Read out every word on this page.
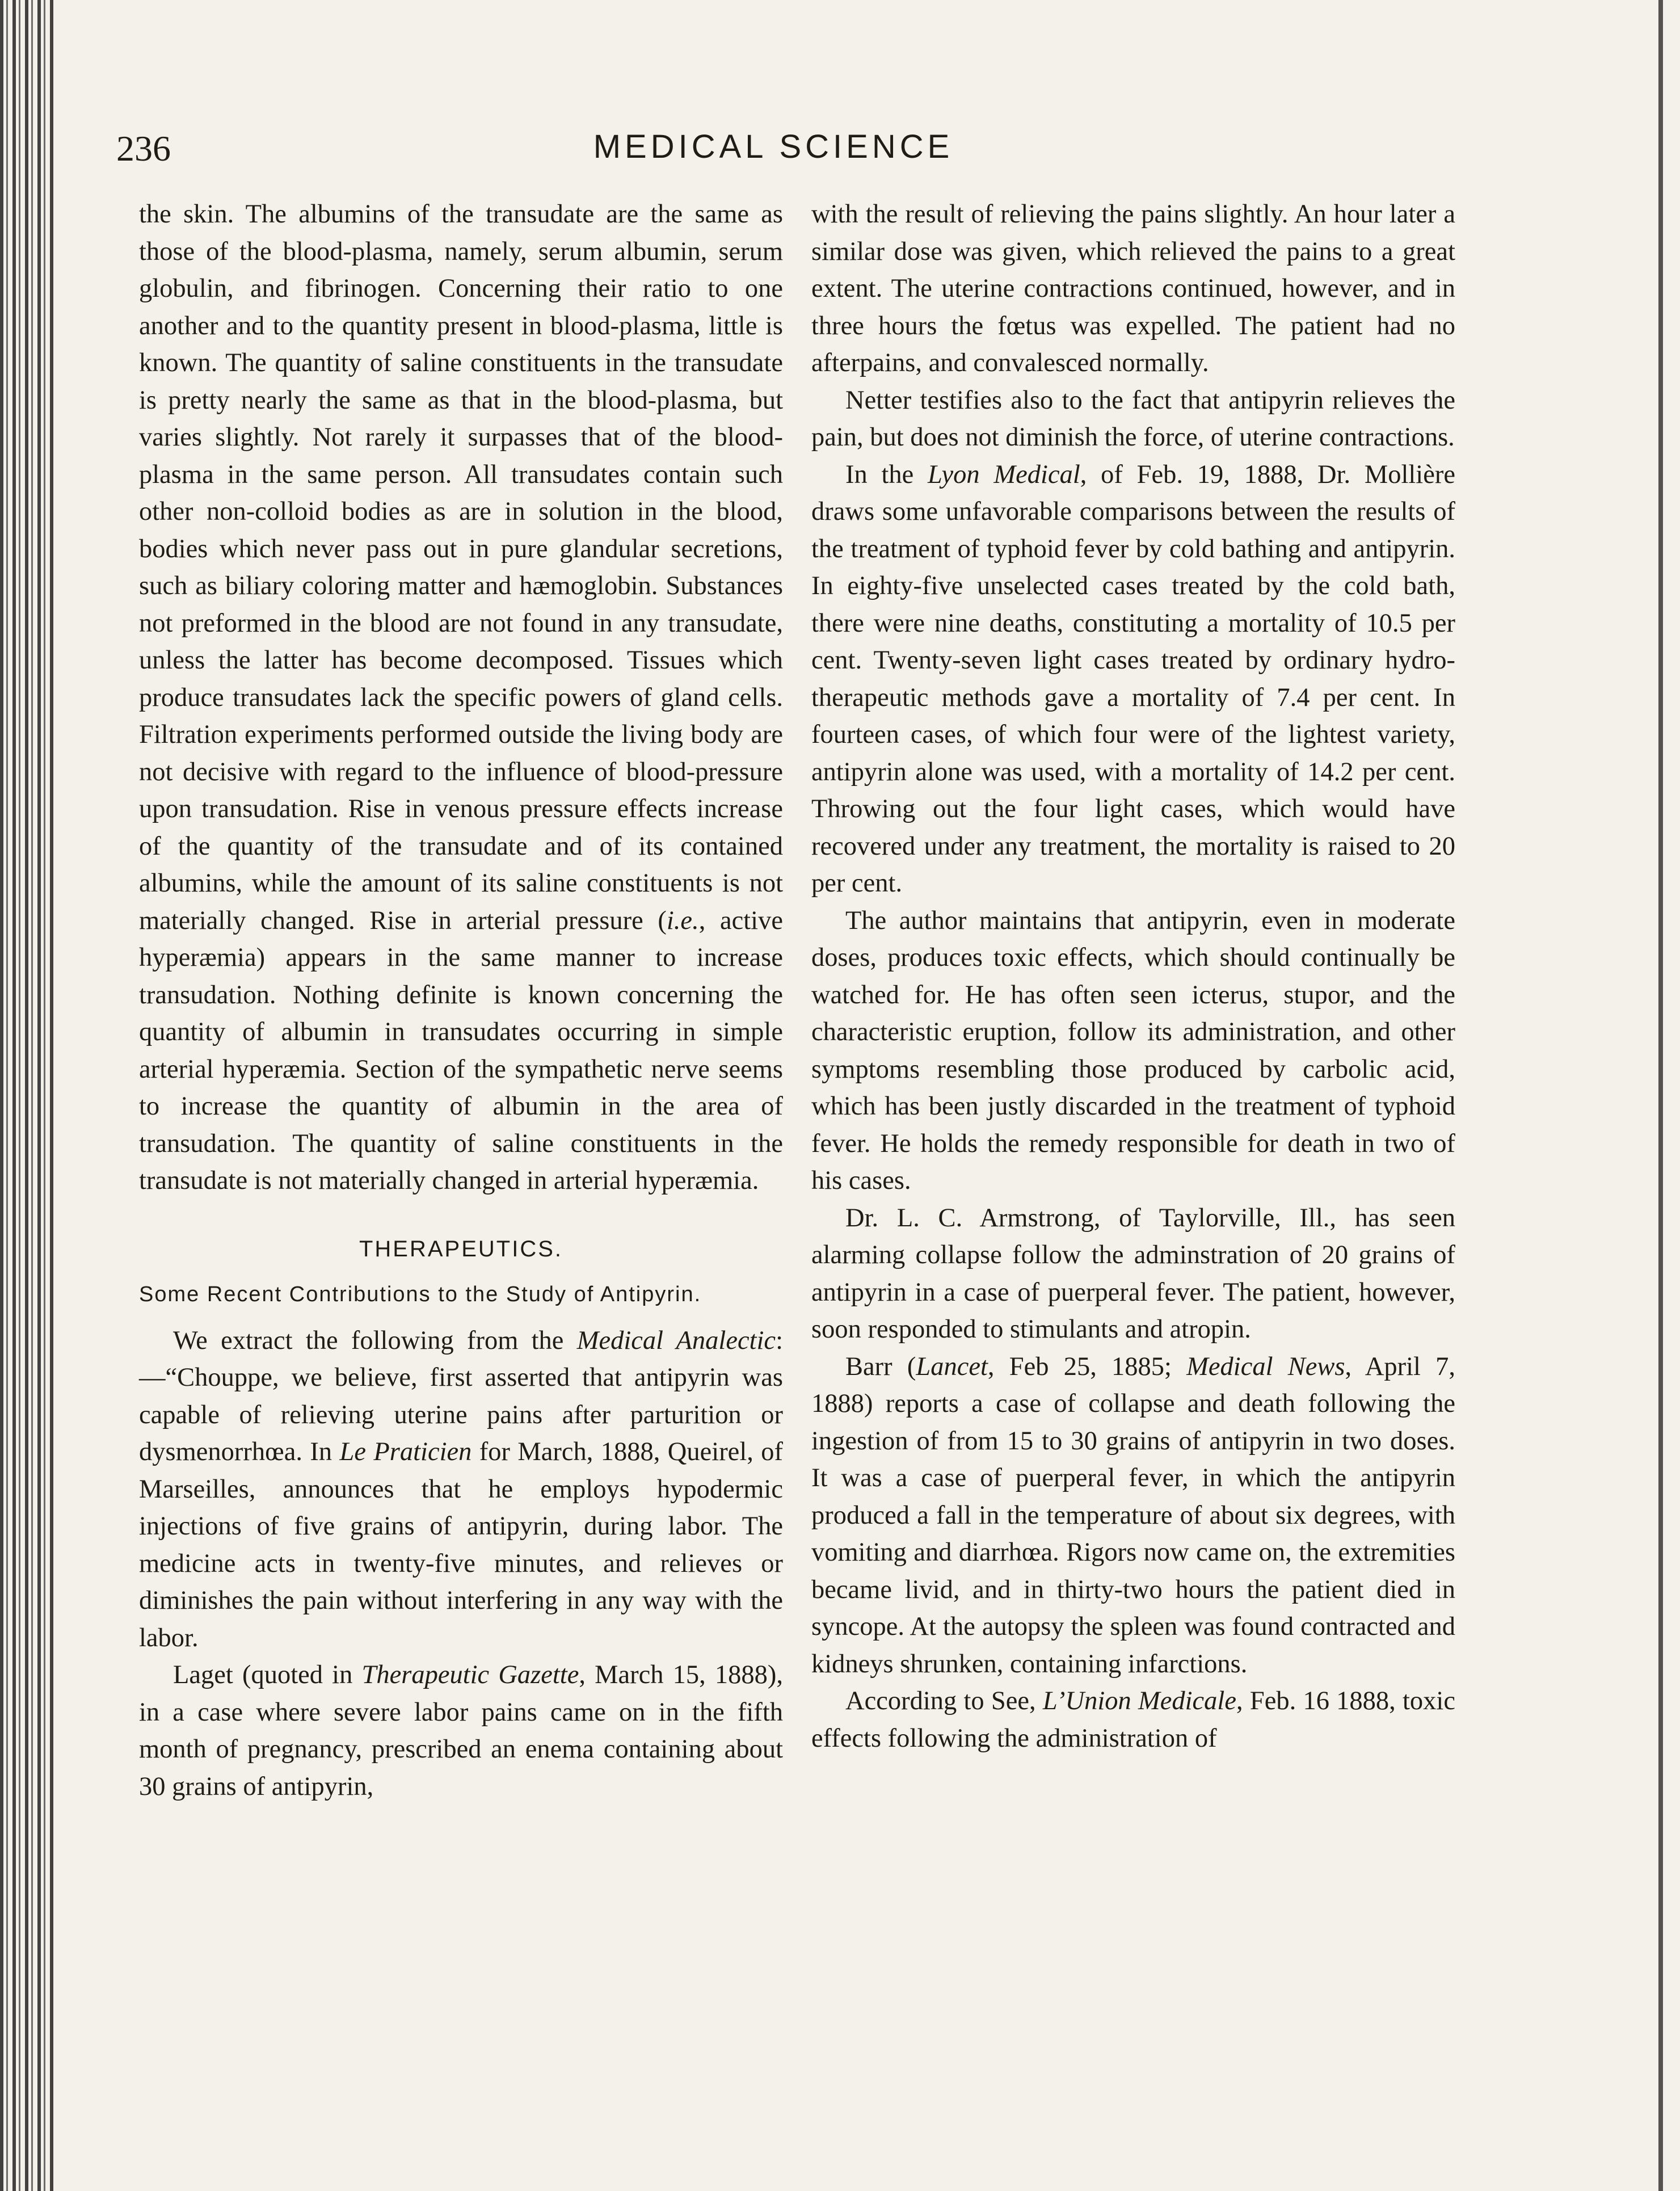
236	MEDICAL SCIENCE

the skin. The albumins of the transudate are the same as those of the blood-plasma, namely, serum albumin, serum globulin, and fibrinogen. Concerning their ratio to one another and to the quantity present in blood-plasma, little is known. The quantity of saline constituents in the transudate is pretty nearly the same as that in the blood-plasma, but varies slightly. Not rarely it surpasses that of the blood-plasma in the same person. All transudates contain such other non-colloid bodies as are in solution in the blood, bodies which never pass out in pure glandular secretions, such as biliary coloring matter and hæmoglobin. Substances not preformed in the blood are not found in any transudate, unless the latter has become decomposed. Tissues which produce transudates lack the specific powers of gland cells. Filtration experiments performed outside the living body are not decisive with regard to the influence of blood-pressure upon transudation. Rise in venous pressure effects increase of the quantity of the transudate and of its contained albumins, while the amount of its saline constituents is not materially changed. Rise in arterial pressure (i.e., active hyperæmia) appears in the same manner to increase transudation. Nothing definite is known concerning the quantity of albumin in transudates occurring in simple arterial hyperæmia. Section of the sympathetic nerve seems to increase the quantity of albumin in the area of transudation. The quantity of saline constituents in the transudate is not materially changed in arterial hyperæmia.

THERAPEUTICS.
Some Recent Contributions to the Study of Antipyrin.

We extract the following from the Medical Analectic:—“Chouppe, we believe, first asserted that antipyrin was capable of relieving uterine pains after parturition or dysmenorrhœa. In Le Praticien for March, 1888, Queirel, of Marseilles, announces that he employs hypodermic injections of five grains of antipyrin, during labor. The medicine acts in twenty-five minutes, and relieves or diminishes the pain without interfering in any way with the labor.

Laget (quoted in Therapeutic Gazette, March 15, 1888), in a case where severe labor pains came on in the fifth month of pregnancy, prescribed an enema containing about 30 grains of antipyrin,

with the result of relieving the pains slightly. An hour later a similar dose was given, which relieved the pains to a great extent. The uterine contractions continued, however, and in three hours the fœtus was expelled. The patient had no afterpains, and convalesced normally.

Netter testifies also to the fact that antipyrin relieves the pain, but does not diminish the force, of uterine contractions.

In the Lyon Medical, of Feb. 19, 1888, Dr. Mollière draws some unfavorable comparisons between the results of the treatment of typhoid fever by cold bathing and antipyrin. In eighty-five unselected cases treated by the cold bath, there were nine deaths, constituting a mortality of 10.5 per cent. Twenty-seven light cases treated by ordinary hydro-therapeutic methods gave a mortality of 7.4 per cent. In fourteen cases, of which four were of the lightest variety, antipyrin alone was used, with a mortality of 14.2 per cent. Throwing out the four light cases, which would have recovered under any treatment, the mortality is raised to 20 per cent.

The author maintains that antipyrin, even in moderate doses, produces toxic effects, which should continually be watched for. He has often seen icterus, stupor, and the characteristic eruption, follow its administration, and other symptoms resembling those produced by carbolic acid, which has been justly discarded in the treatment of typhoid fever. He holds the remedy responsible for death in two of his cases.

Dr. L. C. Armstrong, of Taylorville, Ill., has seen alarming collapse follow the adminstration of 20 grains of antipyrin in a case of puerperal fever. The patient, however, soon responded to stimulants and atropin.

Barr (Lancet, Feb 25, 1885; Medical News, April 7, 1888) reports a case of collapse and death following the ingestion of from 15 to 30 grains of antipyrin in two doses. It was a case of puerperal fever, in which the antipyrin produced a fall in the temperature of about six degrees, with vomiting and diarrhœa. Rigors now came on, the extremities became livid, and in thirty-two hours the patient died in syncope. At the autopsy the spleen was found contracted and kidneys shrunken, containing infarctions.

According to See, L’Union Medicale, Feb. 16 1888, toxic effects following the administration of
